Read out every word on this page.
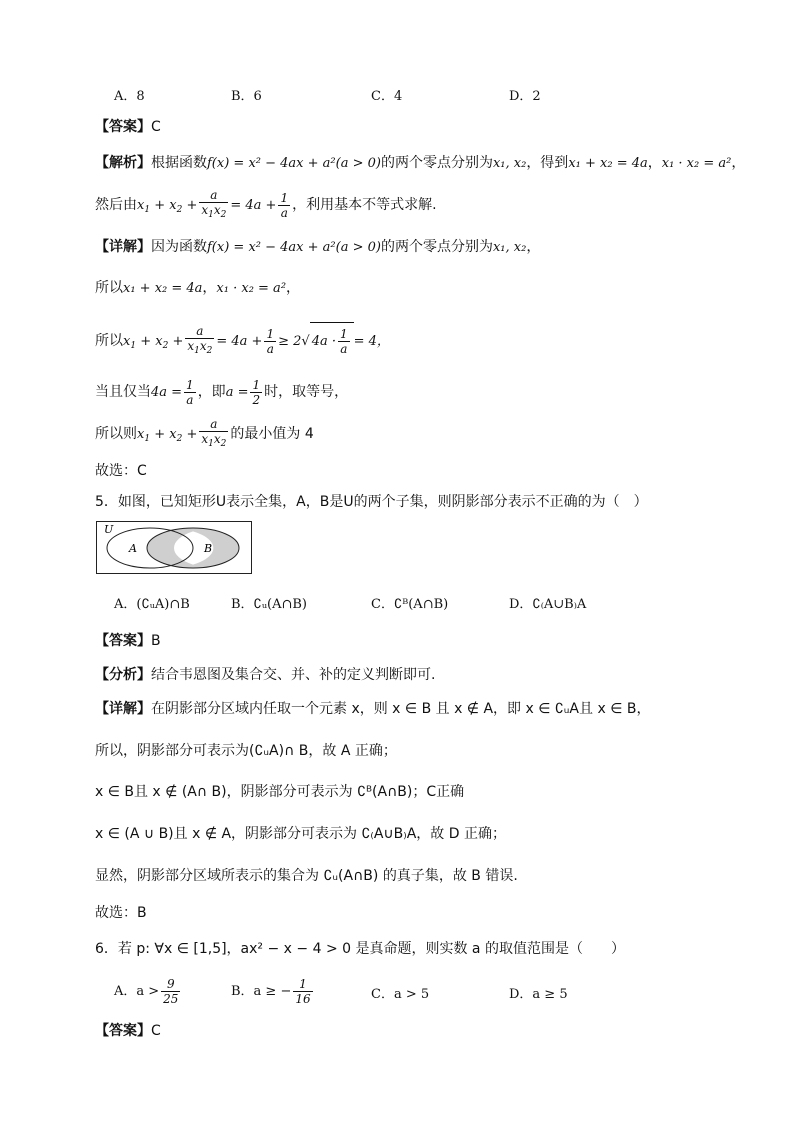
A．8	B．6	C．4	D．2
【答案】C
【解析】根据函数f(x) = x² − 4ax + a²(a > 0)的两个零点分别为x₁, x₂，得到x₁ + x₂ = 4a，x₁ · x₂ = a²，
然后由$x_1 + x_2 + \frac{a}{x_1x_2} = 4a + \frac{1}{a}$ ，利用基本不等式求解.
【详解】因为函数f(x) = x² − 4ax + a²(a > 0)的两个零点分别为x₁, x₂，
所以x₁ + x₂ = 4a，x₁ · x₂ = a²，
所以$x_1 + x_2 + \frac{a}{x_1x_2} = 4a + \frac{1}{a} \ge 2√$ $4a \cdot \frac{1}{a} = 4$，
当且仅当$4a = \frac{1}{a}$ ，即$a = \frac{1}{2}$ 时，取等号，
所以则$x_1 + x_2 + \frac{a}{x_1x_2}$ 的最小值为 4
故选：C
5．如图，已知矩形U表示全集，A，B是U的两个子集，则阴影部分表示不正确的为（　）
U
A	B
A．(∁ᵤA)∩B	B．∁ᵤ(A∩B)	C．∁ᴮ(A∩B)	D．∁₍A∪B₎A
【答案】B
【分析】结合韦恩图及集合交、并、补的定义判断即可.
【详解】在阴影部分区域内任取一个元素 x，则 x ∈ B 且 x ∉ A，即 x ∈ ∁ᵤA且 x ∈ B，
所以，阴影部分可表示为(∁ᵤA)∩ B，故 A 正确；
x ∈ B且 x ∉ (A∩ B)，阴影部分可表示为 ∁ᴮ(A∩B)；C正确
x ∈ (A ∪ B)且 x ∉ A，阴影部分可表示为 ∁₍A∪B₎A，故 D 正确；
显然，阴影部分区域所表示的集合为 ∁ᵤ(A∩B) 的真子集，故 B 错误.
故选：B
6．若 p: ∀x ∈ [1,5]，ax² − x − 4 > 0 是真命题，则实数 a 的取值范围是（　　）
A．$a > \frac{9}{25}$	B．a ≥ − $\frac{1}{16}$	C．a > 5	D．a ≥ 5
【答案】C
